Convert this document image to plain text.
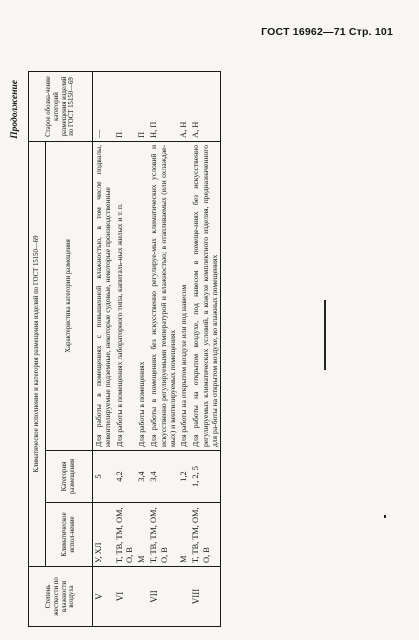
ГОСТ 16962—71 Стр. 101
Продолжение
Степень жесткости по влажности воздуха	Климатическое исполнение и категория размещения изделий по ГОСТ 15150—69			Старое обозна-чение категорий размещения изделий по ГОСТ 15150—69
	Климатическое испол-нение	Категория размещения	Характеристика категории размещения	
V	У, ХЛ	5	Для работы в помещениях с повышенной влажностью, в том числе подвалы, невентилируемые подземные, некоторые судовые, некоторые производственные	—
VI	Т, ТВ, ТМ, ОМ, О, В	4,2	Для работы в помещениях лабораторного типа, капиталь-ных жилых и т. п.	П
	М	3,4	Для работы в помещениях	П
VII	Т, ТВ, ТМ, ОМ, О, В	3,4	Для работы в помещениях без искусственно регулируе-мых климатических условий и искусственно регулируемыми температурой и влажностью; в отапливаемых (или охлаждае-мых) и вентилируемых помещениях	Н, П
	М	1,2	Для работы на открытом воздухе или под навесом	А, Н
VIII	Т, ТВ, ТМ, ОМ, О, В	1, 2, 5	Для работы на открытом воздухе, под навесом в помеще-ниях без искусственно регулируемых климатических условий, в кожухе комплектного изделия, предназначенного для ра-боты на открытом воздухе, во влажных помещениях	А, Н
